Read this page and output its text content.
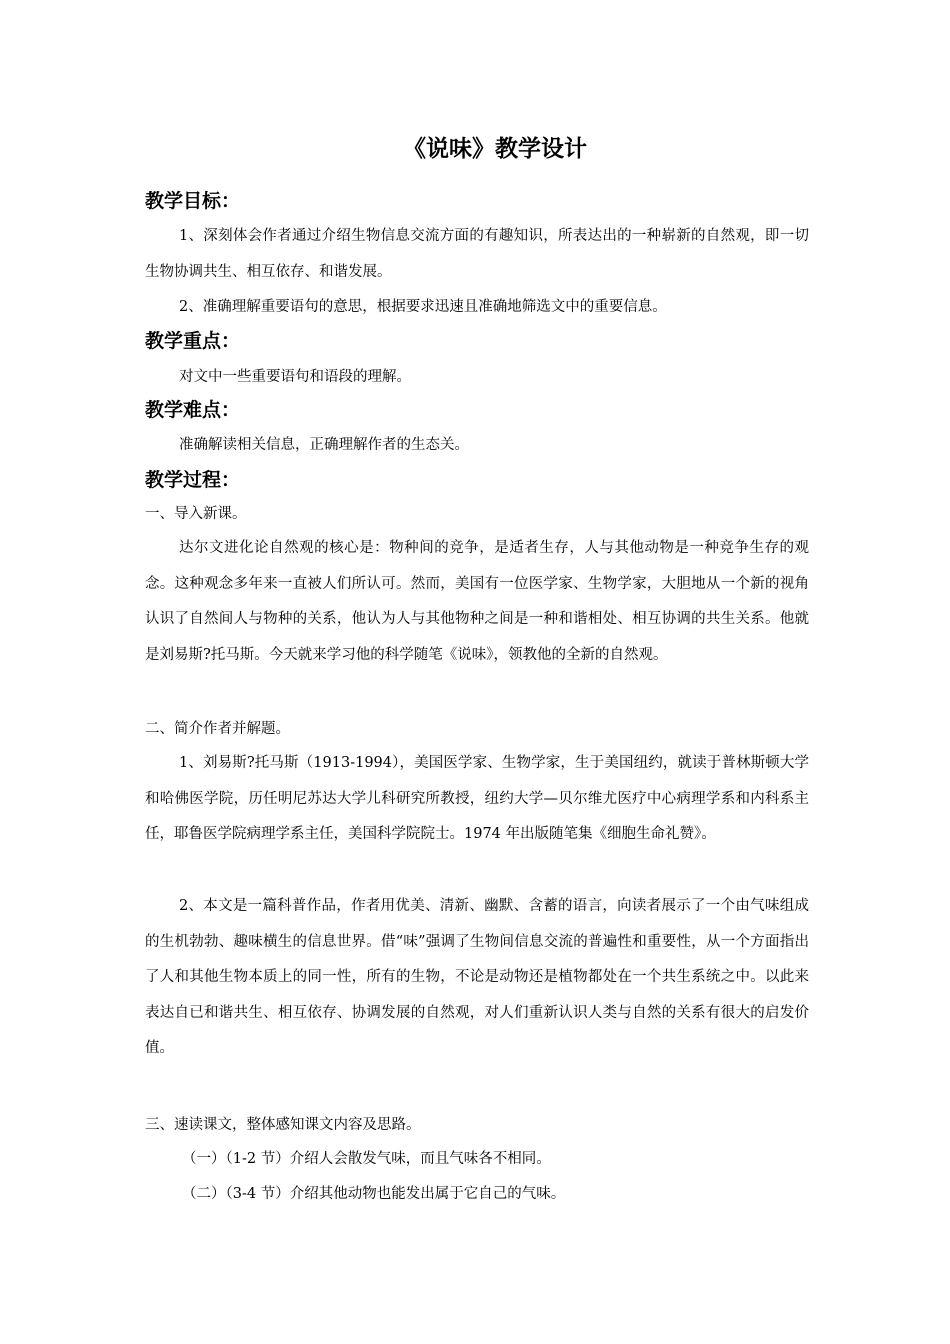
《说味》教学设计
教学目标：
1、深刻体会作者通过介绍生物信息交流方面的有趣知识，所表达出的一种崭新的自然观，即一切生物协调共生、相互依存、和谐发展。
2、准确理解重要语句的意思，根据要求迅速且准确地筛选文中的重要信息。
教学重点：
对文中一些重要语句和语段的理解。
教学难点：
准确解读相关信息，正确理解作者的生态关。
教学过程：
一、导入新课。
达尔文进化论自然观的核心是：物种间的竞争，是适者生存，人与其他动物是一种竞争生存的观念。这种观念多年来一直被人们所认可。然而，美国有一位医学家、生物学家，大胆地从一个新的视角认识了自然间人与物种的关系，他认为人与其他物种之间是一种和谐相处、相互协调的共生关系。他就是刘易斯?托马斯。今天就来学习他的科学随笔《说味》，领教他的全新的自然观。
二、简介作者并解题。
1、刘易斯?托马斯（1913-1994），美国医学家、生物学家，生于美国纽约，就读于普林斯顿大学和哈佛医学院，历任明尼苏达大学儿科研究所教授，纽约大学—贝尔维尤医疗中心病理学系和内科系主任，耶鲁医学院病理学系主任，美国科学院院士。1974 年出版随笔集《细胞生命礼赞》。
2、本文是一篇科普作品，作者用优美、清新、幽默、含蓄的语言，向读者展示了一个由气味组成的生机勃勃、趣味横生的信息世界。借“味”强调了生物间信息交流的普遍性和重要性，从一个方面指出了人和其他生物本质上的同一性，所有的生物，不论是动物还是植物都处在一个共生系统之中。以此来表达自已和谐共生、相互依存、协调发展的自然观，对人们重新认识人类与自然的关系有很大的启发价值。
三、速读课文，整体感知课文内容及思路。
（一）（1-2 节）介绍人会散发气味，而且气味各不相同。
（二）（3-4 节）介绍其他动物也能发出属于它自己的气味。
